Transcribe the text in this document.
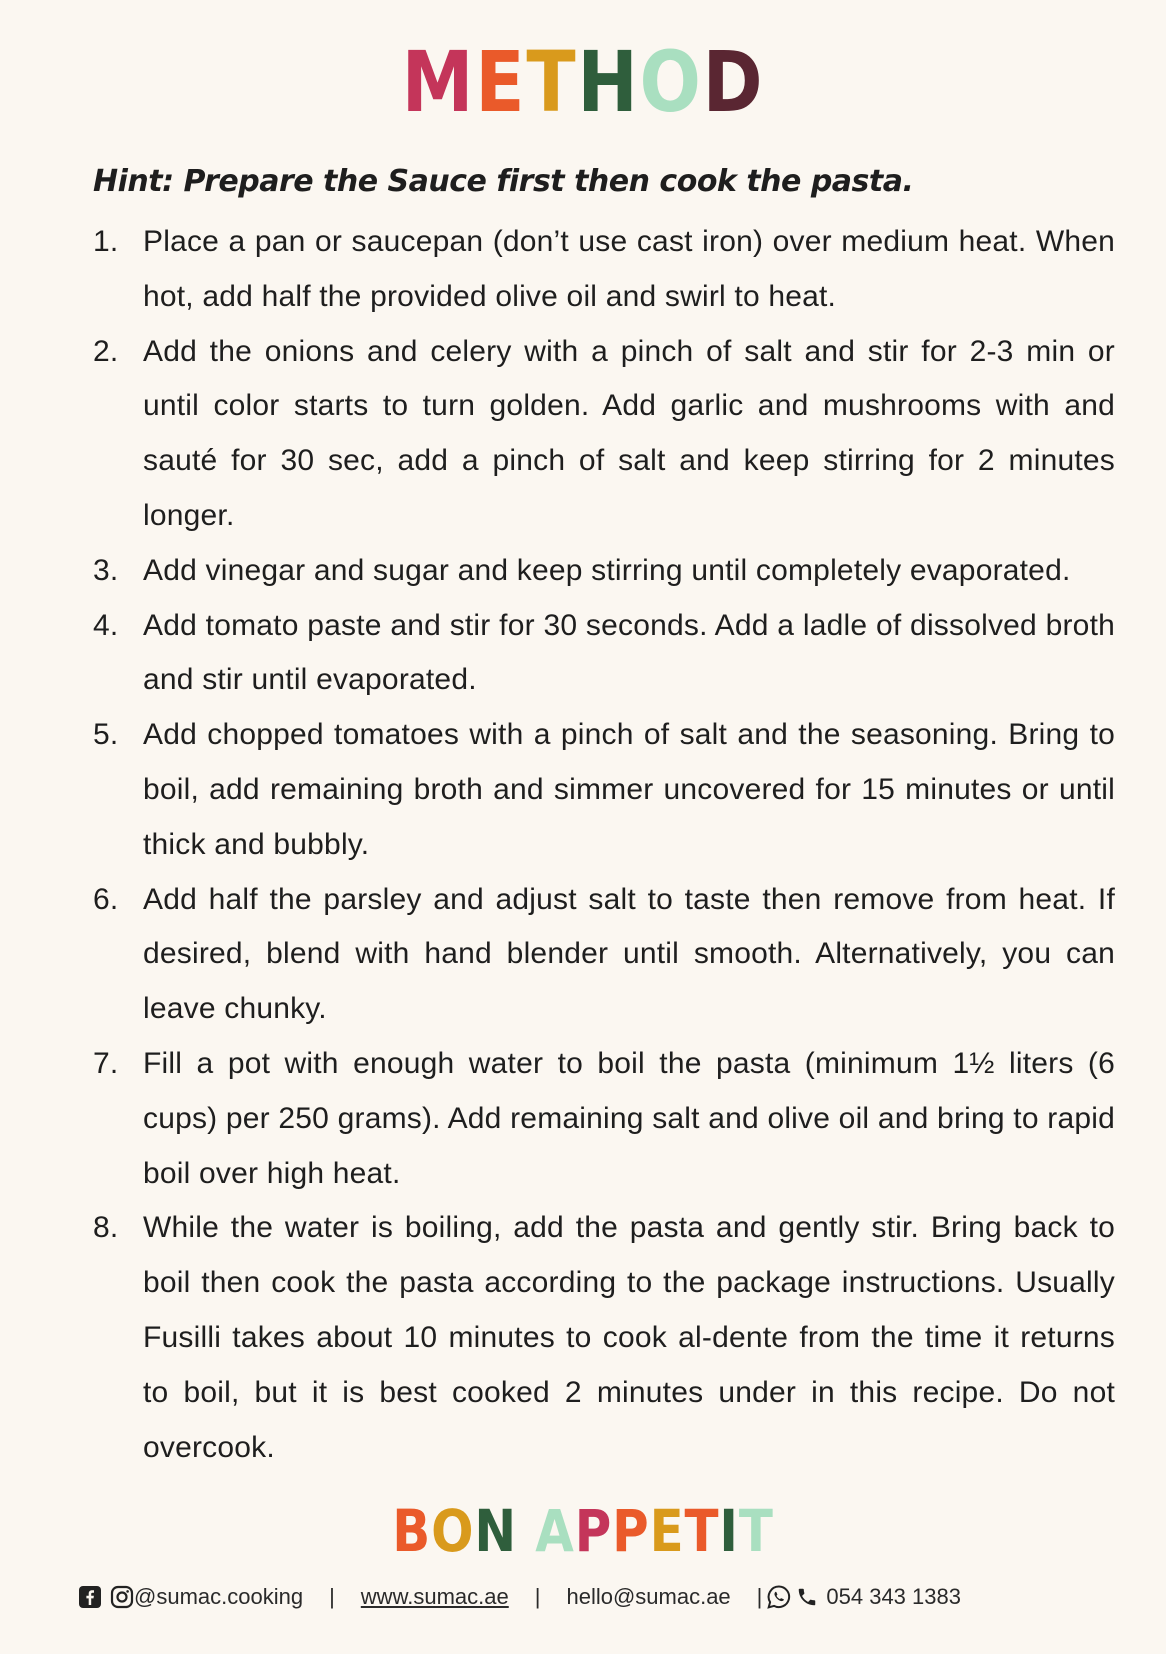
METHOD
Hint: Prepare the Sauce first then cook the pasta.
1. Place a pan or saucepan (don’t use cast iron) over medium heat. When hot, add half the provided olive oil and swirl to heat.
2. Add the onions and celery with a pinch of salt and stir for 2-3 min or until color starts to turn golden. Add garlic and mushrooms with and sauté for 30 sec, add a pinch of salt and keep stirring for 2 minutes longer.
3. Add vinegar and sugar and keep stirring until completely evaporated.
4. Add tomato paste and stir for 30 seconds. Add a ladle of dissolved broth and stir until evaporated.
5. Add chopped tomatoes with a pinch of salt and the seasoning. Bring to boil, add remaining broth and simmer uncovered for 15 minutes or until thick and bubbly.
6. Add half the parsley and adjust salt to taste then remove from heat. If desired, blend with hand blender until smooth. Alternatively, you can leave chunky.
7. Fill a pot with enough water to boil the pasta (minimum 1½ liters (6 cups) per 250 grams). Add remaining salt and olive oil and bring to rapid boil over high heat.
8. While the water is boiling, add the pasta and gently stir. Bring back to boil then cook the pasta according to the package instructions. Usually Fusilli takes about 10 minutes to cook al-dente from the time it returns to boil, but it is best cooked 2 minutes under in this recipe. Do not overcook.
BON APPETIT
@sumac.cooking | www.sumac.ae | hello@sumac.ae |	054 343 1383
